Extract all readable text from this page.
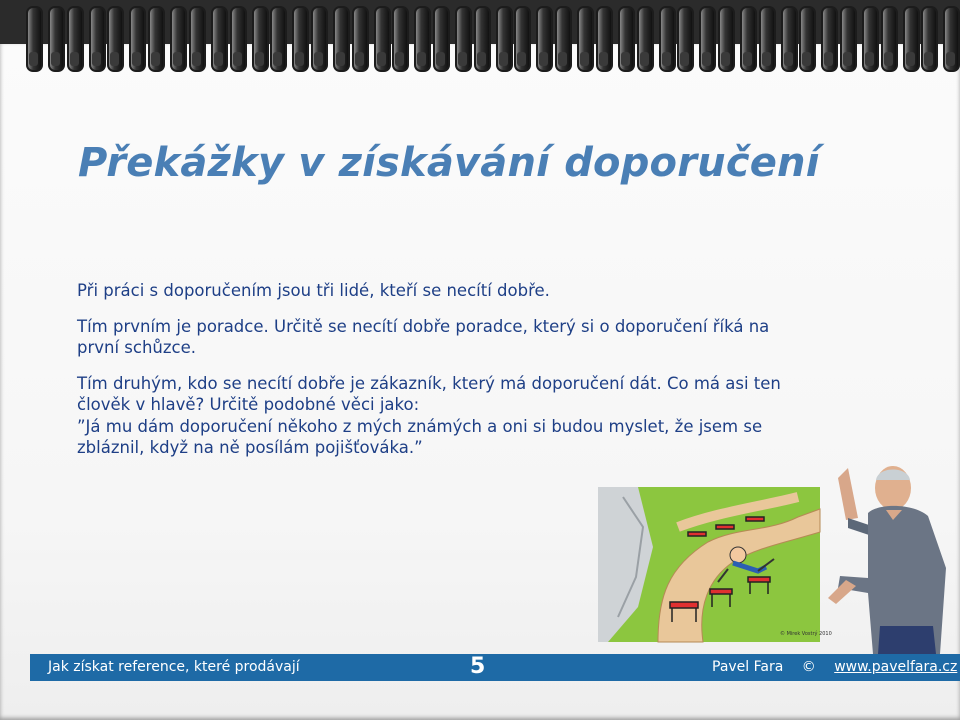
Překážky v získávání doporučení

Při práci s doporučením jsou tři lidé, kteří se necítí dobře.

Tím prvním je poradce. Určitě se necítí dobře poradce, který si o doporučení říká na

první schůzce.

Tím druhým, kdo se necítí dobře je zákazník, který má doporučení dát. Co má asi ten

člověk v hlavě? Určitě podobné věci jako:

”Já mu dám doporučení někoho z mých známých a oni si budou myslet, že jsem se

zbláznil, když na ně posílám pojišťováka.”

© Mirek Vostrý 2010
Jak získat reference, které prodávají	5	Pavel Fara © www.pavelfara.cz
